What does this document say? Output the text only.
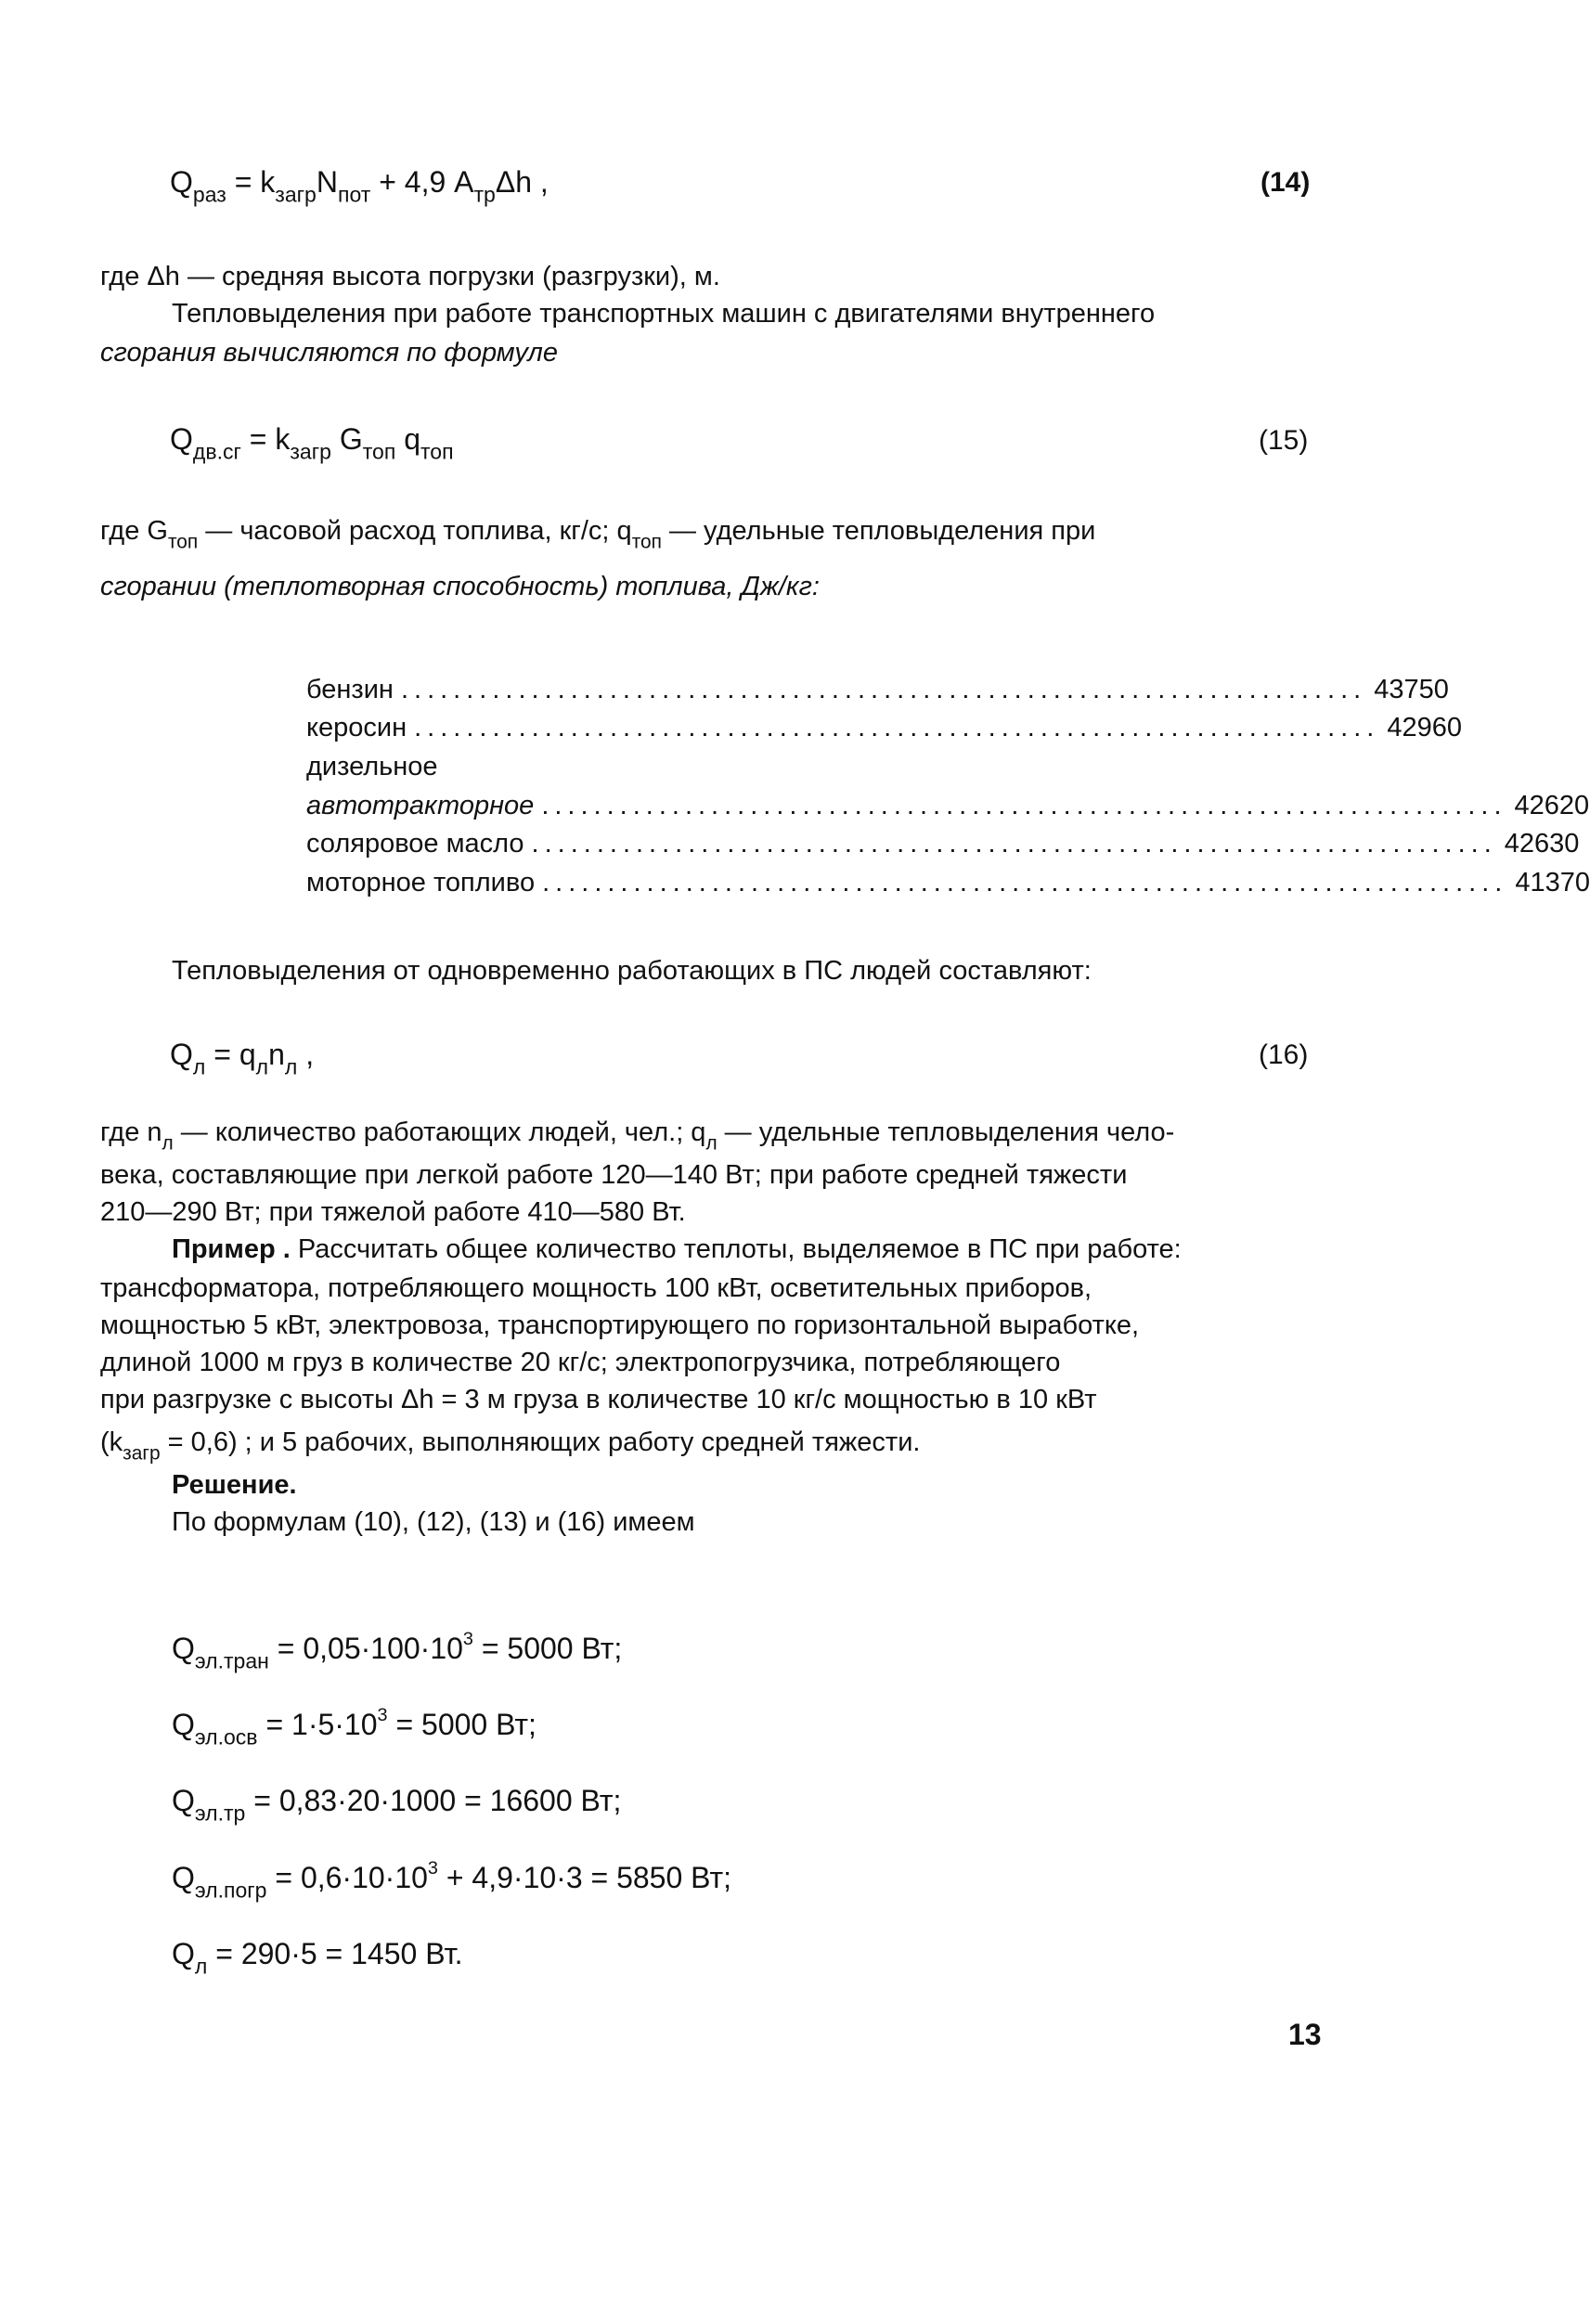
$Q_{раз} = k_{загр}N_{пот} + 4,9$ $A_{тр}\Delta h$ ,	(14)
где Δh — средняя высота погрузки (разгрузки), м.
Тепловыделения при работе транспортных машин с двигателями внутреннего
сгорания вычисляются по формуле
$Q_{дв.сг} = k_{загр}$ $G_{топ}$ $q_{топ}$	(15)
где $G_{топ}$ — часовой расход топлива, кг/с; $q_{топ}$ — удельные тепловыделения при
сгорании (теплотворная способность) топлива, Дж/кг:
бензин .......................................................................... 43750
керосин .......................................................................... 42960
дизельное
автотракторное .......................................................................... 42620
соляровое масло .......................................................................... 42630
моторное топливо .......................................................................... 41370
Тепловыделения от одновременно работающих в ПС людей составляют:
$Q_л = q_лn_л$ ,	(16)
где $n_л$ — количество работающих людей, чел.; $q_л$ — удельные тепловыделения чело-
века, составляющие при легкой работе 120—140 Вт; при работе средней тяжести
210—290 Вт; при тяжелой работе 410—580 Вт.
Пример . Рассчитать общее количество теплоты, выделяемое в ПС при работе:
трансформатора, потребляющего мощность 100 кВт, осветительных приборов,
мощностью 5 кВт, электровоза, транспортирующего по горизонтальной выработке,
длиной 1000 м груз в количестве 20 кг/с; электропогрузчика, потребляющего
при разгрузке с высоты Δh = 3 м груза в количестве 10 кг/с мощностью в 10 кВт
$(k_{загр} = 0,6)$ ; и 5 рабочих, выполняющих работу средней тяжести.
Решение.
По формулам (10), (12), (13) и (16) имеем
$Q_{эл.тран} = 0,05\cdot 100\cdot 10^3 = 5000$ Вт;
$Q_{эл.осв} = 1\cdot 5\cdot 10^3 = 5000$ Вт;
$Q_{эл.тр} = 0,83\cdot 20\cdot 1000 = 16600$ Вт;
$Q_{эл.погр} = 0,6\cdot 10\cdot 10^3 + 4,9\cdot 10\cdot 3 = 5850$ Вт;
$Q_л = 290\cdot 5 = 1450$ Вт.
13
